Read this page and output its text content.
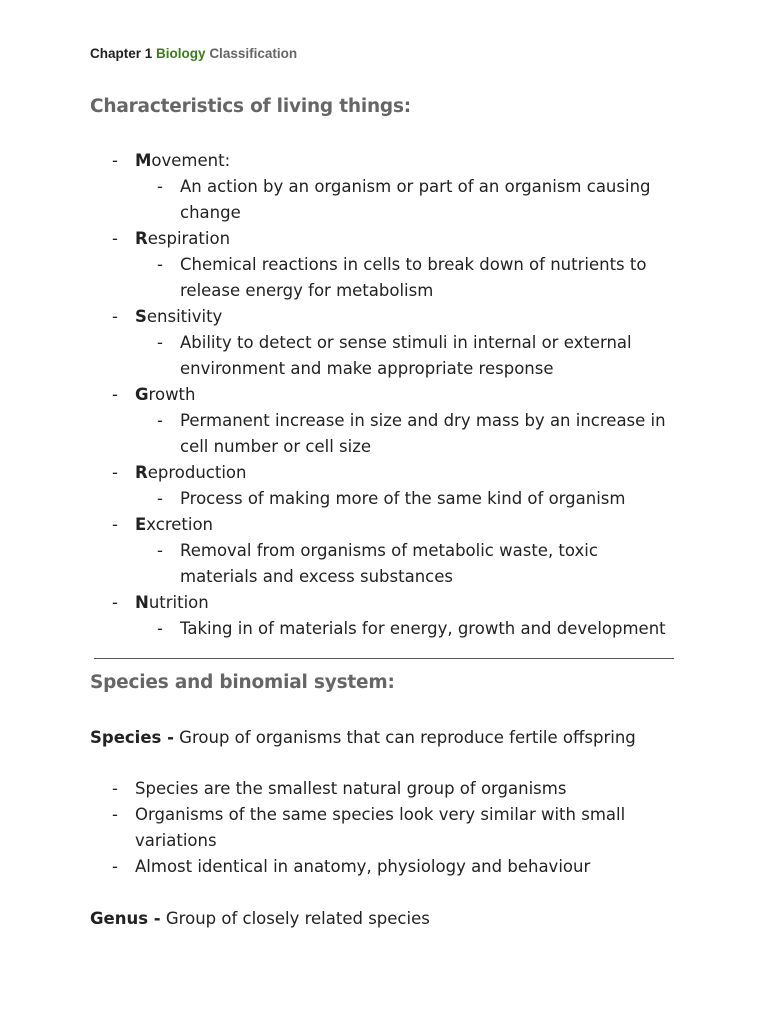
Chapter 1 Biology Classification
Characteristics of living things:
- Movement:
- An action by an organism or part of an organism causing change
- Respiration
- Chemical reactions in cells to break down of nutrients to release energy for metabolism
- Sensitivity
- Ability to detect or sense stimuli in internal or external environment and make appropriate response
- Growth
- Permanent increase in size and dry mass by an increase in cell number or cell size
- Reproduction
- Process of making more of the same kind of organism
- Excretion
- Removal from organisms of metabolic waste, toxic materials and excess substances
- Nutrition
- Taking in of materials for energy, growth and development
Species and binomial system:
Species - Group of organisms that can reproduce fertile offspring
- Species are the smallest natural group of organisms
- Organisms of the same species look very similar with small variations
- Almost identical in anatomy, physiology and behaviour
Genus - Group of closely related species
